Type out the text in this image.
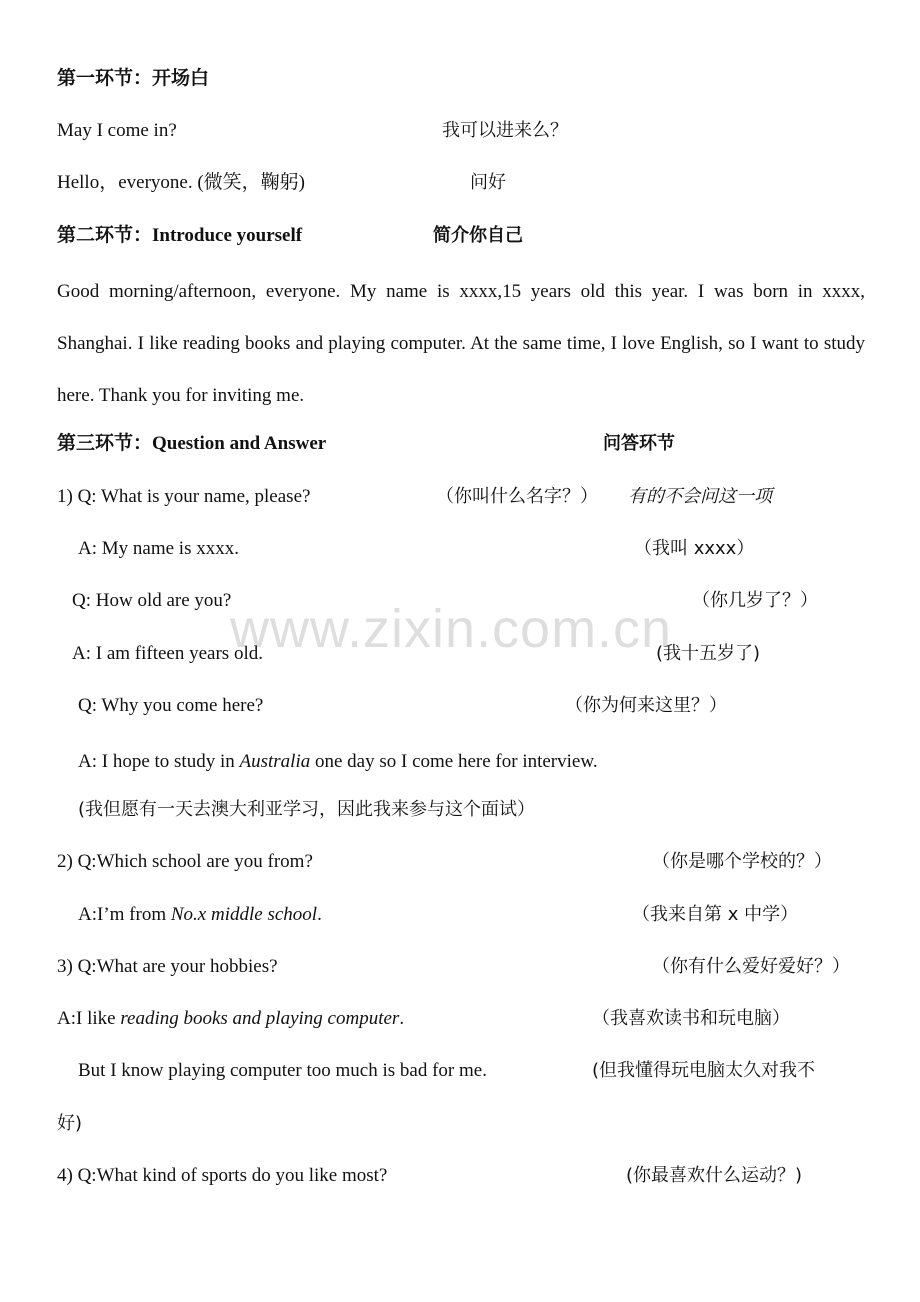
第一环节：开场白
May I come in?	我可以进来么？
Hello，everyone. (微笑，鞠躬)	问好
第二环节：Introduce yourself	简介你自己
Good morning/afternoon, everyone. My name is xxxx,15 years old this year. I was born in xxxx, Shanghai. I like reading books and playing computer. At the same time, I love English, so I want to study here. Thank you for inviting me.
第三环节：Question and Answer	问答环节
1) Q: What is your name, please?	（你叫什么名字？） 有的不会问这一项
A: My name is xxxx.	（我叫 xxxx）
Q: How old are you?	（你几岁了？）
A: I am fifteen years old.	(我十五岁了)
Q: Why you come here?	（你为何来这里？）
A: I hope to study in Australia one day so I come here for interview.
(我但愿有一天去澳大利亚学习，因此我来参与这个面试）
2) Q:Which school are you from?	（你是哪个学校的？）
A:I’m from No.x middle school.	（我来自第 x 中学）
3) Q:What are your hobbies?	（你有什么爱好爱好？）
A:I like reading books and playing computer.	（我喜欢读书和玩电脑）
But I know playing computer too much is bad for me.	(但我懂得玩电脑太久对我不
好)
4) Q:What kind of sports do you like most?	(你最喜欢什么运动？)
www.zixin.com.cn
